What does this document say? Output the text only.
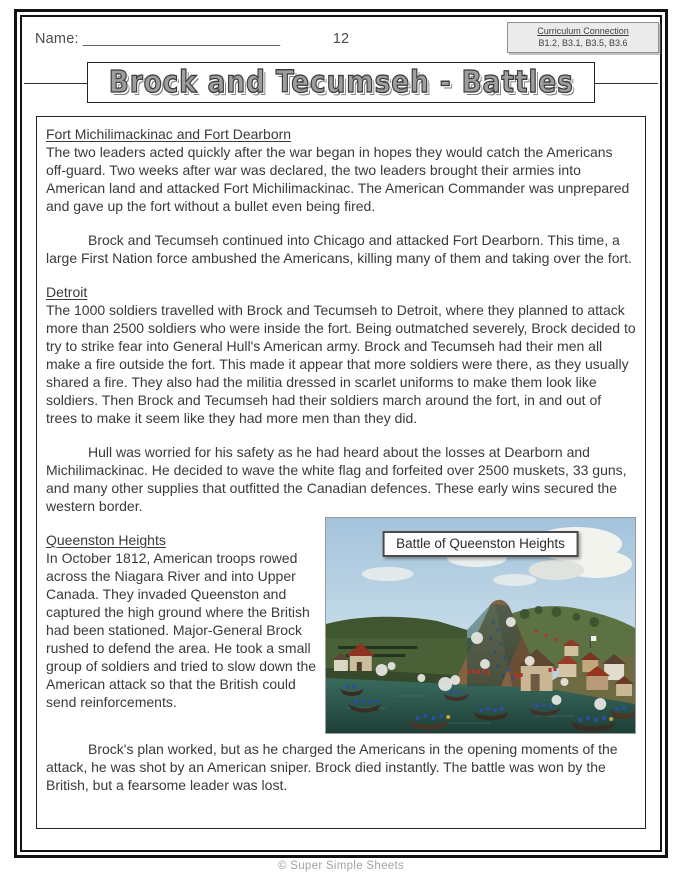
Name: __________________________	12	Curriculum Connection
B1.2, B3.1, B3.5, B3.6
Brock and Tecumseh - Battles
Fort Michilimackinac and Fort Dearborn

The two leaders acted quickly after the war began in hopes they would catch the Americans off-guard. Two weeks after war was declared, the two leaders brought their armies into American land and attacked Fort Michilimackinac. The American Commander was unprepared and gave up the fort without a bullet even being fired.

Brock and Tecumseh continued into Chicago and attacked Fort Dearborn. This time, a large First Nation force ambushed the Americans, killing many of them and taking over the fort.

Detroit

The 1000 soldiers travelled with Brock and Tecumseh to Detroit, where they planned to attack more than 2500 soldiers who were inside the fort. Being outmatched severely, Brock decided to try to strike fear into General Hull's American army. Brock and Tecumseh had their men all make a fire outside the fort. This made it appear that more soldiers were there, as they usually shared a fire. They also had the militia dressed in scarlet uniforms to make them look like soldiers. Then Brock and Tecumseh had their soldiers march around the fort, in and out of trees to make it seem like they had more men than they did.

Hull was worried for his safety as he had heard about the losses at Dearborn and Michilimackinac. He decided to wave the white flag and forfeited over 2500 muskets, 33 guns, and many other supplies that outfitted the Canadian defences. These early wins secured the western border.

Battle of Queenston Heights
Queenston Heights

In October 1812, American troops rowed across the Niagara River and into Upper Canada. They invaded Queenston and captured the high ground where the British had been stationed. Major-General Brock rushed to defend the area. He took a small group of soldiers and tried to slow down the American attack so that the British could send reinforcements.

Brock's plan worked, but as he charged the Americans in the opening moments of the attack, he was shot by an American sniper. Brock died instantly. The battle was won by the British, but a fearsome leader was lost.

© Super Simple Sheets
